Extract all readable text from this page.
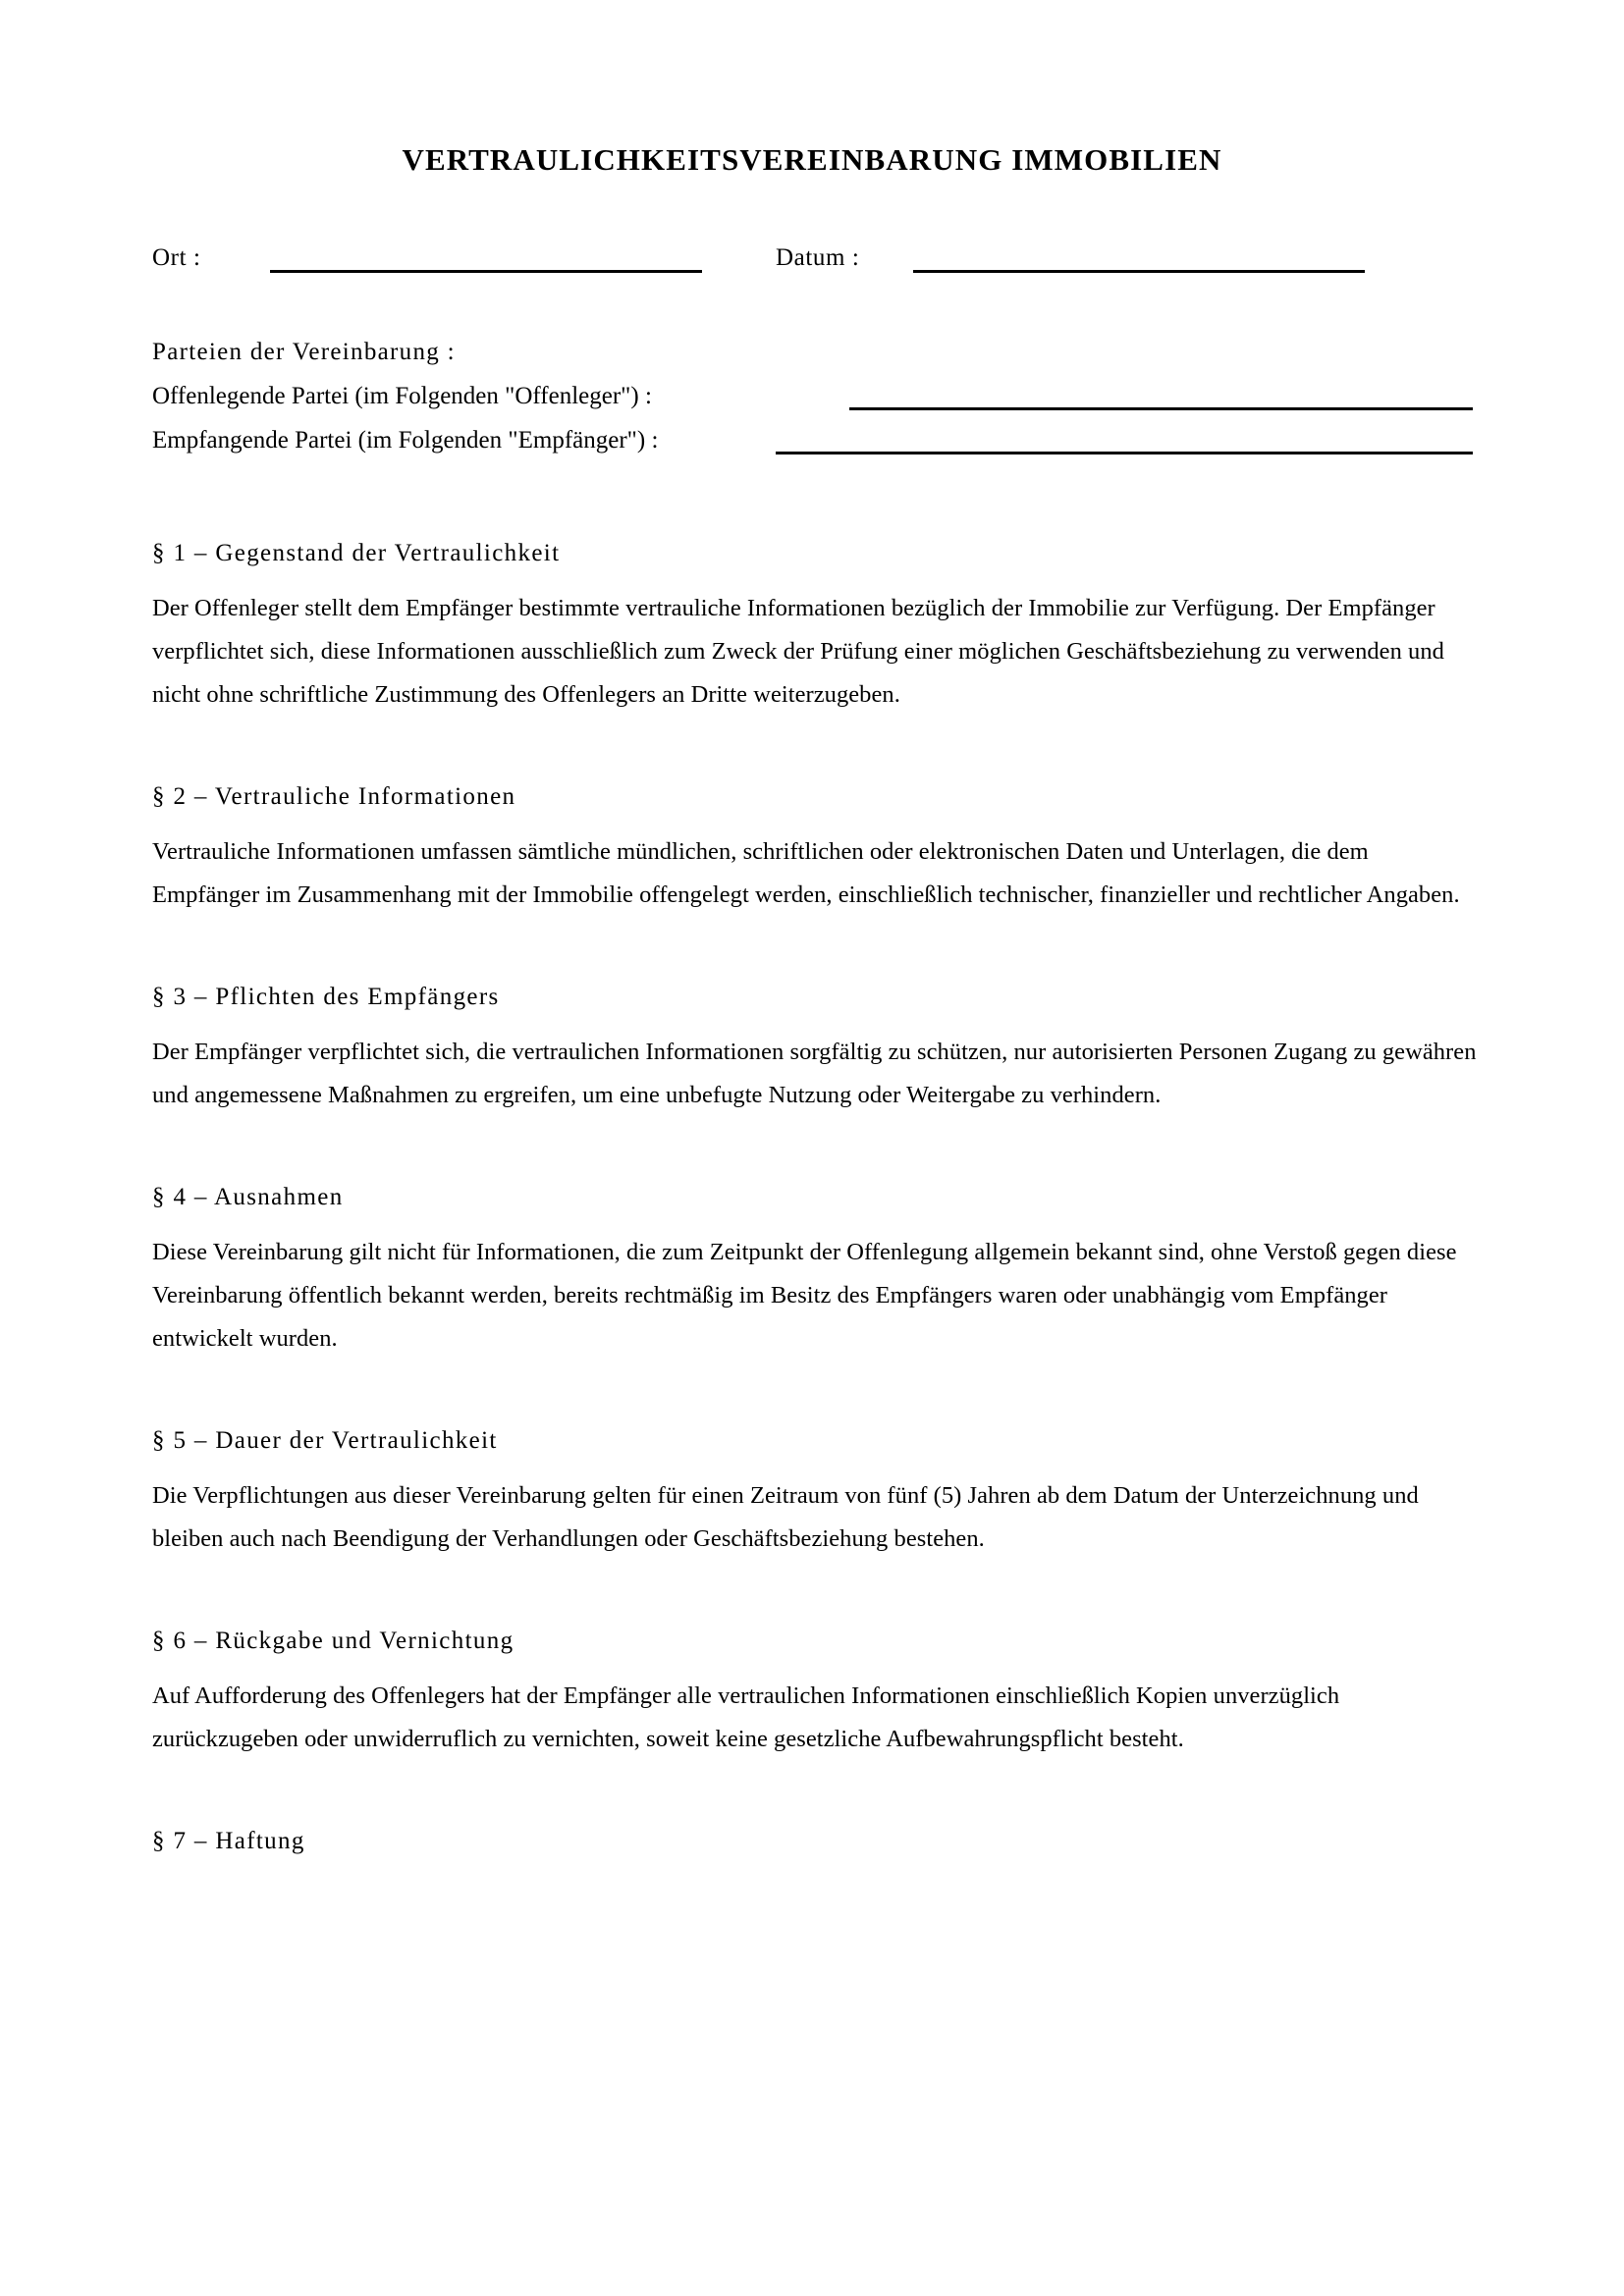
VERTRAULICHKEITSVEREINBARUNG IMMOBILIEN
Ort :	Datum :
Parteien der Vereinbarung :
Offenlegende Partei (im Folgenden "Offenleger") :
Empfangende Partei (im Folgenden "Empfänger") :
§ 1 – Gegenstand der Vertraulichkeit

Der Offenleger stellt dem Empfänger bestimmte vertrauliche Informationen bezüglich der Immobilie zur Verfügung. Der Empfänger verpflichtet sich, diese Informationen ausschließlich zum Zweck der Prüfung einer möglichen Geschäftsbeziehung zu verwenden und nicht ohne schriftliche Zustimmung des Offenlegers an Dritte weiterzugeben.

§ 2 – Vertrauliche Informationen

Vertrauliche Informationen umfassen sämtliche mündlichen, schriftlichen oder elektronischen Daten und Unterlagen, die dem Empfänger im Zusammenhang mit der Immobilie offengelegt werden, einschließlich technischer, finanzieller und rechtlicher Angaben.

§ 3 – Pflichten des Empfängers

Der Empfänger verpflichtet sich, die vertraulichen Informationen sorgfältig zu schützen, nur autorisierten Personen Zugang zu gewähren und angemessene Maßnahmen zu ergreifen, um eine unbefugte Nutzung oder Weitergabe zu verhindern.

§ 4 – Ausnahmen

Diese Vereinbarung gilt nicht für Informationen, die zum Zeitpunkt der Offenlegung allgemein bekannt sind, ohne Verstoß gegen diese Vereinbarung öffentlich bekannt werden, bereits rechtmäßig im Besitz des Empfängers waren oder unabhängig vom Empfänger entwickelt wurden.

§ 5 – Dauer der Vertraulichkeit

Die Verpflichtungen aus dieser Vereinbarung gelten für einen Zeitraum von fünf (5) Jahren ab dem Datum der Unterzeichnung und bleiben auch nach Beendigung der Verhandlungen oder Geschäftsbeziehung bestehen.

§ 6 – Rückgabe und Vernichtung

Auf Aufforderung des Offenlegers hat der Empfänger alle vertraulichen Informationen einschließlich Kopien unverzüglich zurückzugeben oder unwiderruflich zu vernichten, soweit keine gesetzliche Aufbewahrungspflicht besteht.

§ 7 – Haftung
